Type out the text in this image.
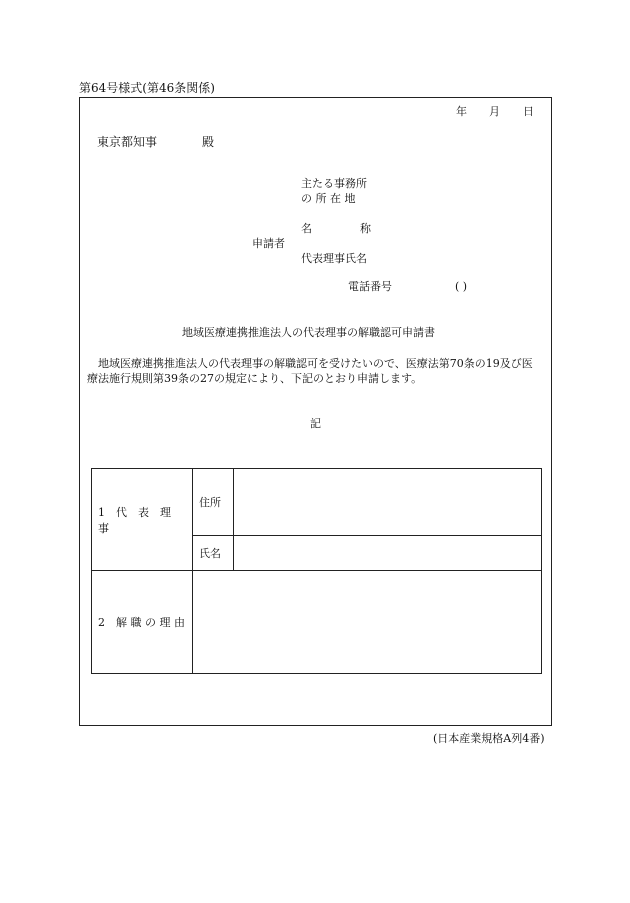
第64号様式(第46条関係)
年 月 日
東京都知事	殿
主たる事務所
の 所 在 地
名	称
申請者
代表理事氏名
電話番号	( )
地域医療連携推進法人の代表理事の解職認可申請書
地域医療連携推進法人の代表理事の解職認可を受けたいので、医療法第70条の19及び医
療法施行規則第39条の27の規定により、下記のとおり申請します。
記
1　代　表　理　事	住所	
	氏名	
2　解 職 の 理 由		
(日本産業規格A列4番)
